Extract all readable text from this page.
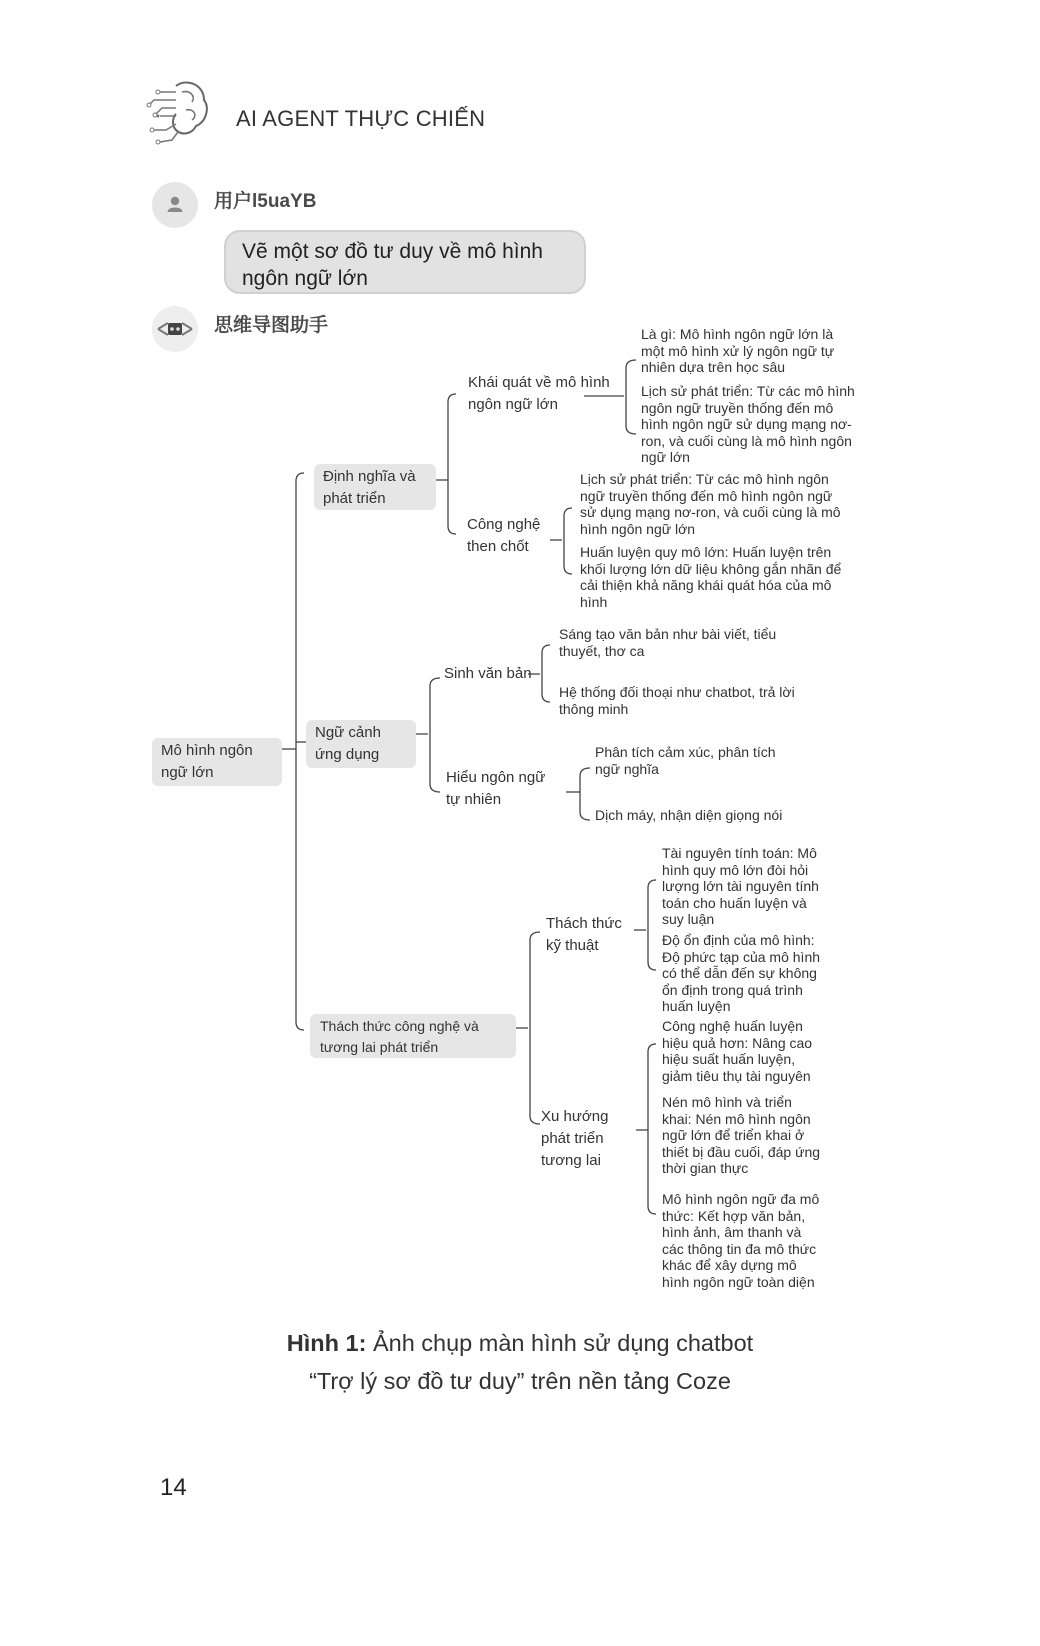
AI AGENT THỰC CHIẾN
用户l5uaYB
Vẽ một sơ đồ tư duy về mô hình ngôn ngữ lớn
思维导图助手
Mô hình ngôn ngữ lớn
Định nghĩa và phát triển
Khái quát về mô hình ngôn ngữ lớn
Là gì: Mô hình ngôn ngữ lớn là một mô hình xử lý ngôn ngữ tự nhiên dựa trên học sâu
Lịch sử phát triển: Từ các mô hình ngôn ngữ truyền thống đến mô hình ngôn ngữ sử dụng mạng nơ-ron, và cuối cùng là mô hình ngôn ngữ lớn
Công nghệ then chốt
Lịch sử phát triển: Từ các mô hình ngôn ngữ truyền thống đến mô hình ngôn ngữ sử dụng mạng nơ-ron, và cuối cùng là mô hình ngôn ngữ lớn
Huấn luyện quy mô lớn: Huấn luyện trên khối lượng lớn dữ liệu không gắn nhãn để cải thiện khả năng khái quát hóa của mô hình
Ngữ cảnh ứng dụng
Sinh văn bản
Sáng tạo văn bản như bài viết, tiểu thuyết, thơ ca
Hệ thống đối thoại như chatbot, trả lời thông minh
Hiểu ngôn ngữ tự nhiên
Phân tích cảm xúc, phân tích ngữ nghĩa
Dịch máy, nhận diện giọng nói
Thách thức công nghệ và tương lai phát triển
Thách thức kỹ thuật
Tài nguyên tính toán: Mô hình quy mô lớn đòi hỏi lượng lớn tài nguyên tính toán cho huấn luyện và suy luận
Độ ổn định của mô hình: Độ phức tạp của mô hình có thể dẫn đến sự không ổn định trong quá trình huấn luyện
Xu hướng phát triển tương lai
Công nghệ huấn luyện hiệu quả hơn: Nâng cao hiệu suất huấn luyện, giảm tiêu thụ tài nguyên
Nén mô hình và triển khai: Nén mô hình ngôn ngữ lớn để triển khai ở thiết bị đầu cuối, đáp ứng thời gian thực
Mô hình ngôn ngữ đa mô thức: Kết hợp văn bản, hình ảnh, âm thanh và các thông tin đa mô thức khác để xây dựng mô hình ngôn ngữ toàn diện
Hình 1: Ảnh chụp màn hình sử dụng chatbot
“Trợ lý sơ đồ tư duy” trên nền tảng Coze
14
